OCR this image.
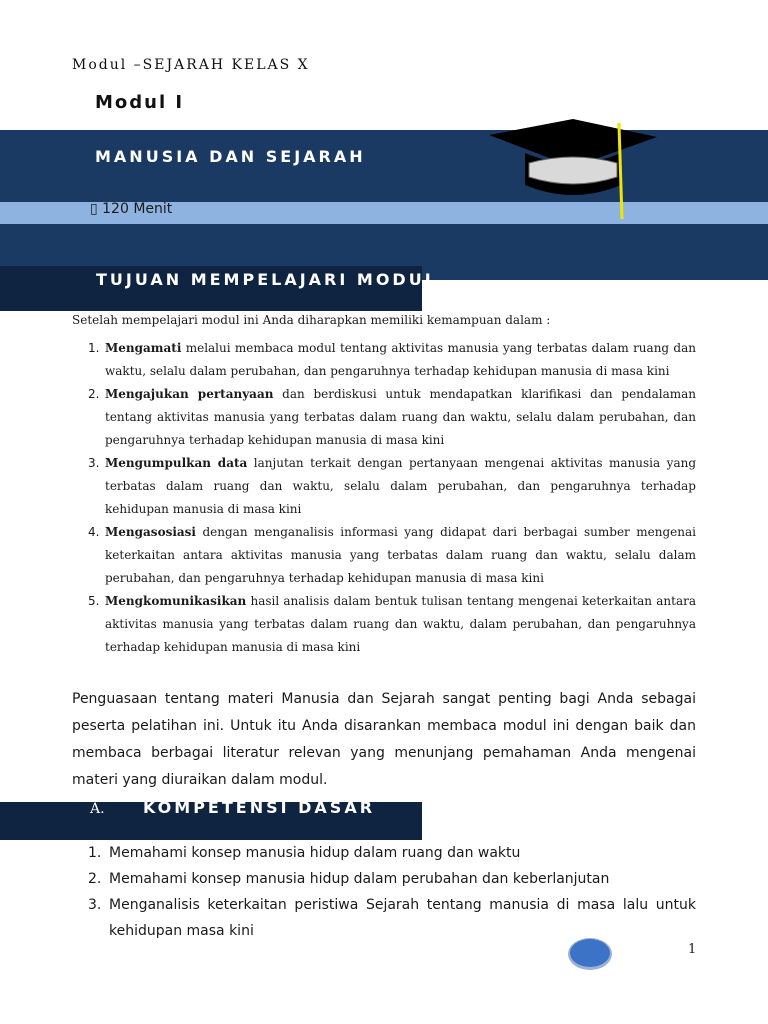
Modul –SEJARAH KELAS X
Modul I
MANUSIA DAN SEJARAH
▯ 120 Menit
TUJUAN MEMPELAJARI MODUL
Setelah mempelajari modul ini Anda diharapkan memiliki kemampuan dalam :
1. Mengamati melalui membaca modul tentang aktivitas manusia yang terbatas dalam ruang dan waktu, selalu dalam perubahan, dan pengaruhnya terhadap kehidupan manusia di masa kini
2. Mengajukan pertanyaan dan berdiskusi untuk mendapatkan klarifikasi dan pendalaman tentang aktivitas manusia yang terbatas dalam ruang dan waktu, selalu dalam perubahan, dan pengaruhnya terhadap kehidupan manusia di masa kini
3. Mengumpulkan data lanjutan terkait dengan pertanyaan mengenai aktivitas manusia yang terbatas dalam ruang dan waktu, selalu dalam perubahan, dan pengaruhnya terhadap kehidupan manusia di masa kini
4. Mengasosiasi dengan menganalisis informasi yang didapat dari berbagai sumber mengenai keterkaitan antara aktivitas manusia yang terbatas dalam ruang dan waktu, selalu dalam perubahan, dan pengaruhnya terhadap kehidupan manusia di masa kini
5. Mengkomunikasikan hasil analisis dalam bentuk tulisan tentang mengenai keterkaitan antara aktivitas manusia yang terbatas dalam ruang dan waktu, dalam perubahan, dan pengaruhnya terhadap kehidupan manusia di masa kini

Penguasaan tentang materi Manusia dan Sejarah sangat penting bagi Anda sebagai peserta pelatihan ini. Untuk itu Anda disarankan membaca modul ini dengan baik dan membaca berbagai literatur relevan yang menunjang pemahaman Anda mengenai materi yang diuraikan dalam modul.

A. KOMPETENSI DASAR
1. Memahami konsep manusia hidup dalam ruang dan waktu
2. Memahami konsep manusia hidup dalam perubahan dan keberlanjutan
3. Menganalisis keterkaitan peristiwa Sejarah tentang manusia di masa lalu untuk kehidupan masa kini
1
